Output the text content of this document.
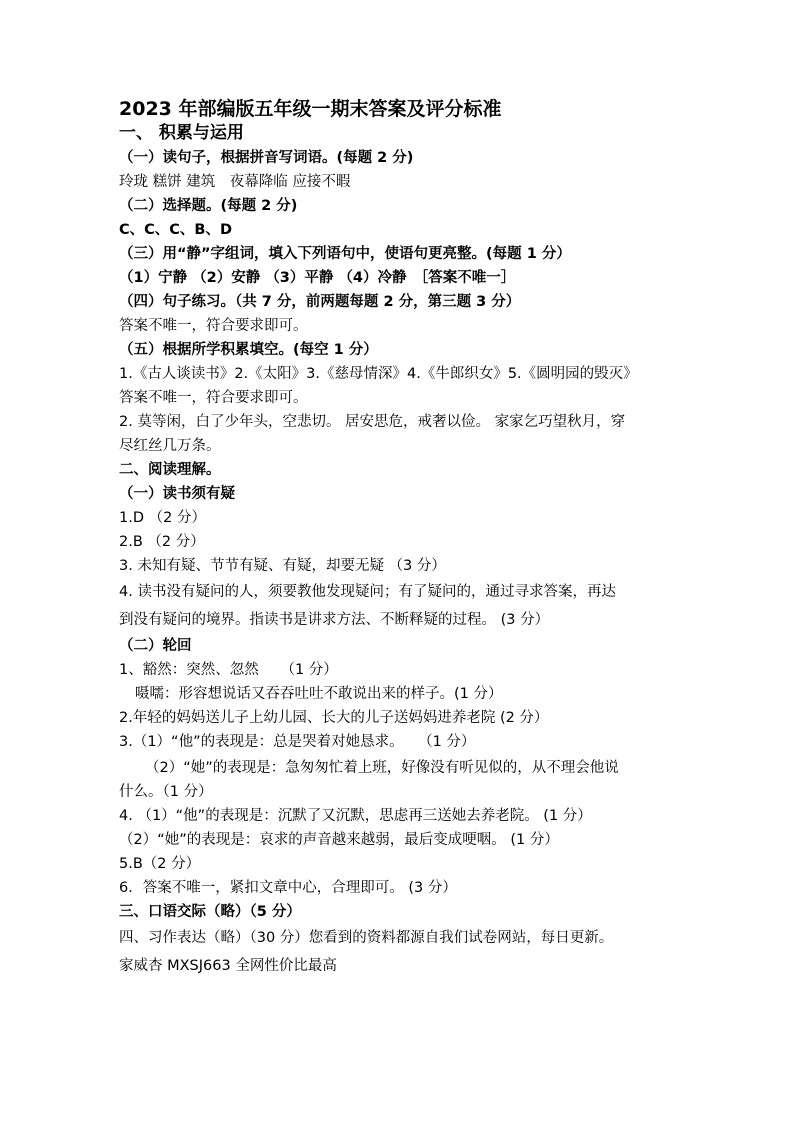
2023 年部编版五年级一期末答案及评分标准
一、 积累与运用
（一）读句子，根据拼音写词语。(每题 2 分)
玲珑 糕饼 建筑　夜幕降临 应接不暇
（二）选择题。(每题 2 分)
C、C、C、B、D
（三）用“静”字组词，填入下列语句中，使语句更亮整。(每题 1 分）
（1）宁静 （2）安静 （3）平静 （4）冷静　［答案不唯一］
（四）句子练习。（共 7 分，前两题每题 2 分，第三题 3 分）
答案不唯一，符合要求即可。
（五）根据所学积累填空。(每空 1 分）
1.《古人谈读书》2.《太阳》3.《慈母情深》4.《牛郎织女》5.《圆明园的毁灭》
答案不唯一，符合要求即可。
2. 莫等闲，白了少年头，空悲切。 居安思危，戒奢以俭。 家家乞巧望秋月，穿
尽红丝几万条。
二、阅读理解。
（一）读书须有疑
1.D （2 分）
2.B （2 分）
3. 未知有疑、节节有疑、有疑，却要无疑 （3 分）
4. 读书没有疑问的人，须要教他发现疑问；有了疑问的，通过寻求答案，再达
到没有疑问的境界。指读书是讲求方法、不断释疑的过程。 (3 分）
（二）轮回
1、豁然：突然、忽然　　（1 分）
嗫嚅：形容想说话又吞吞吐吐不敢说出来的样子。(1 分）
2.年轻的妈妈送儿子上幼儿园、长大的儿子送妈妈进养老院 (2 分）
3.（1）“他”的表现是：总是哭着对她恳求。　　（1 分）
（2）“她”的表现是：急匆匆忙着上班，好像没有听见似的，从不理会他说
什么。（1 分）
4. （1）“他”的表现是：沉默了又沉默，思虑再三送她去养老院。 (1 分）
（2）“她”的表现是：哀求的声音越来越弱，最后变成哽咽。 (1 分）
5.B（2 分）
6．答案不唯一，紧扣文章中心，合理即可。 (3 分）
三、口语交际（略）（5 分）
四、习作表达（略）（30 分）您看到的资料都源自我们试卷网站，每日更新。
家威杏 MXSJ663 全网性价比最高
